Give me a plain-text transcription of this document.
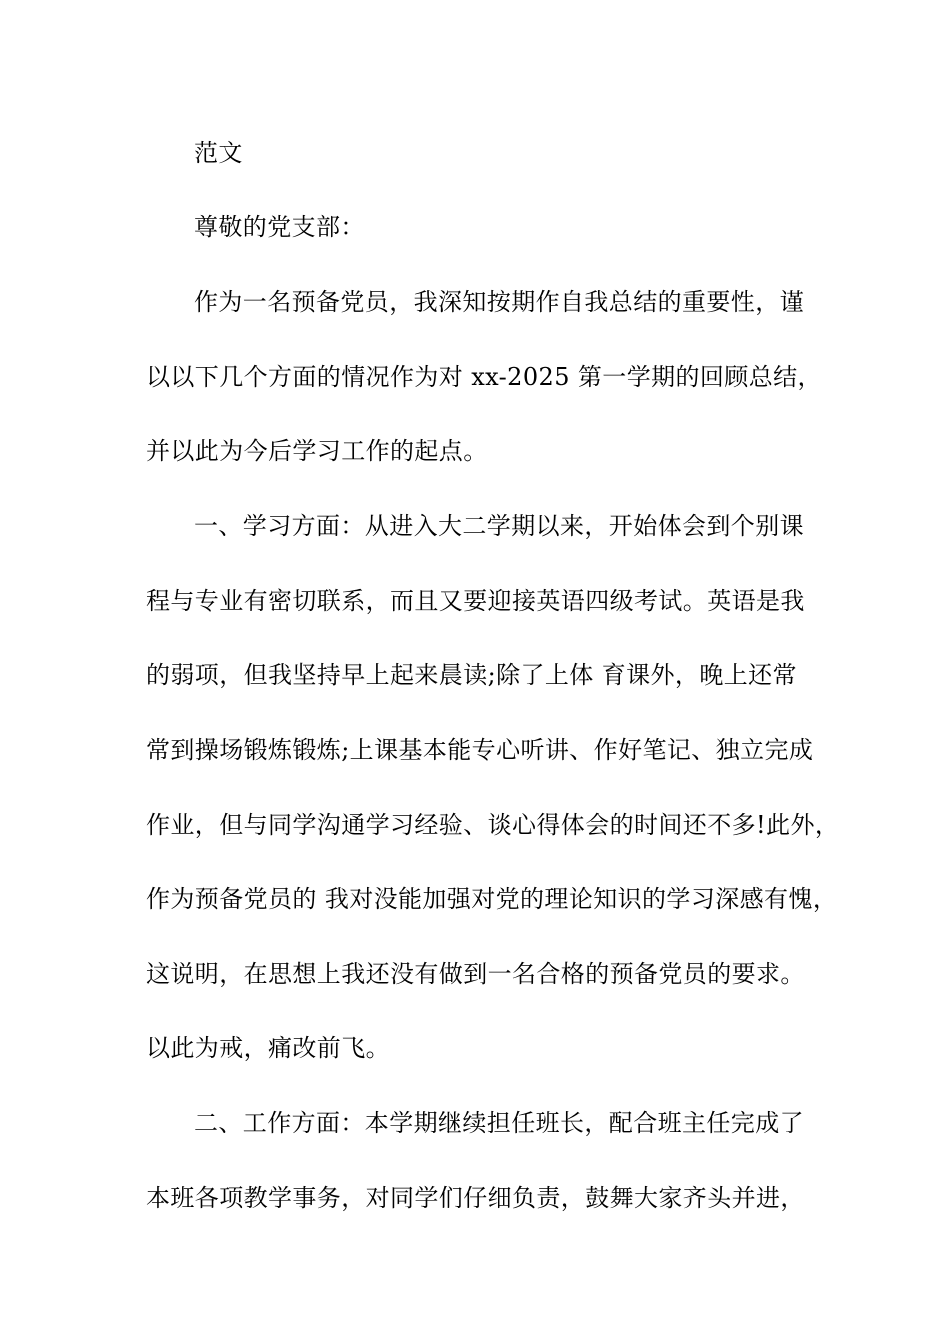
范文
尊敬的党支部：
作为一名预备党员，我深知按期作自我总结的重要性，谨
以以下几个方面的情况作为对 xx-2025 第一学期的回顾总结，
并以此为今后学习工作的起点。
一、学习方面：从进入大二学期以来，开始体会到个别课
程与专业有密切联系，而且又要迎接英语四级考试。英语是我
的弱项，但我坚持早上起来晨读;除了上体 育课外，晚上还常
常到操场锻炼锻炼;上课基本能专心听讲、作好笔记、独立完成
作业，但与同学沟通学习经验、谈心得体会的时间还不多!此外，
作为预备党员的 我对没能加强对党的理论知识的学习深感有愧，
这说明，在思想上我还没有做到一名合格的预备党员的要求。
以此为戒，痛改前飞。
二、工作方面：本学期继续担任班长，配合班主任完成了
本班各项教学事务，对同学们仔细负责，鼓舞大家齐头并进，
